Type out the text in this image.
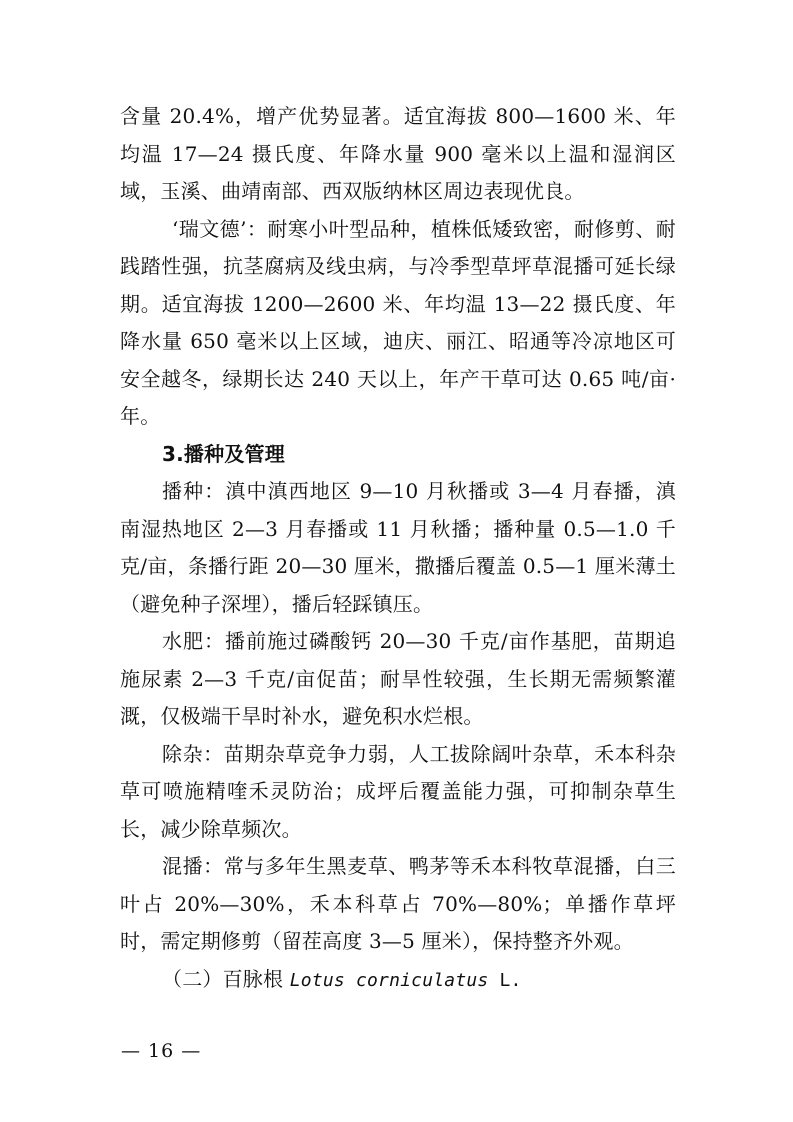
含量 20.4%，增产优势显著。适宜海拔 800—1600 米、年均温 17—24 摄氏度、年降水量 900 毫米以上温和湿润区域，玉溪、曲靖南部、西双版纳林区周边表现优良。

‘瑞文德’：耐寒小叶型品种，植株低矮致密，耐修剪、耐践踏性强，抗茎腐病及线虫病，与冷季型草坪草混播可延长绿期。适宜海拔 1200—2600 米、年均温 13—22 摄氏度、年降水量 650 毫米以上区域，迪庆、丽江、昭通等冷凉地区可安全越冬，绿期长达 240 天以上，年产干草可达 0.65 吨/亩·年。

3.播种及管理

播种：滇中滇西地区 9—10 月秋播或 3—4 月春播，滇南湿热地区 2—3 月春播或 11 月秋播；播种量 0.5—1.0 千克/亩，条播行距 20—30 厘米，撒播后覆盖 0.5—1 厘米薄土（避免种子深埋），播后轻踩镇压。

水肥：播前施过磷酸钙 20—30 千克/亩作基肥，苗期追施尿素 2—3 千克/亩促苗；耐旱性较强，生长期无需频繁灌溉，仅极端干旱时补水，避免积水烂根。

除杂：苗期杂草竞争力弱，人工拔除阔叶杂草，禾本科杂草可喷施精喹禾灵防治；成坪后覆盖能力强，可抑制杂草生长，减少除草频次。

混播：常与多年生黑麦草、鸭茅等禾本科牧草混播，白三叶占 20%—30%，禾本科草占 70%—80%；单播作草坪时，需定期修剪（留茬高度 3—5 厘米），保持整齐外观。

（二）百脉根 Lotus corniculatus L.

— 16 —
